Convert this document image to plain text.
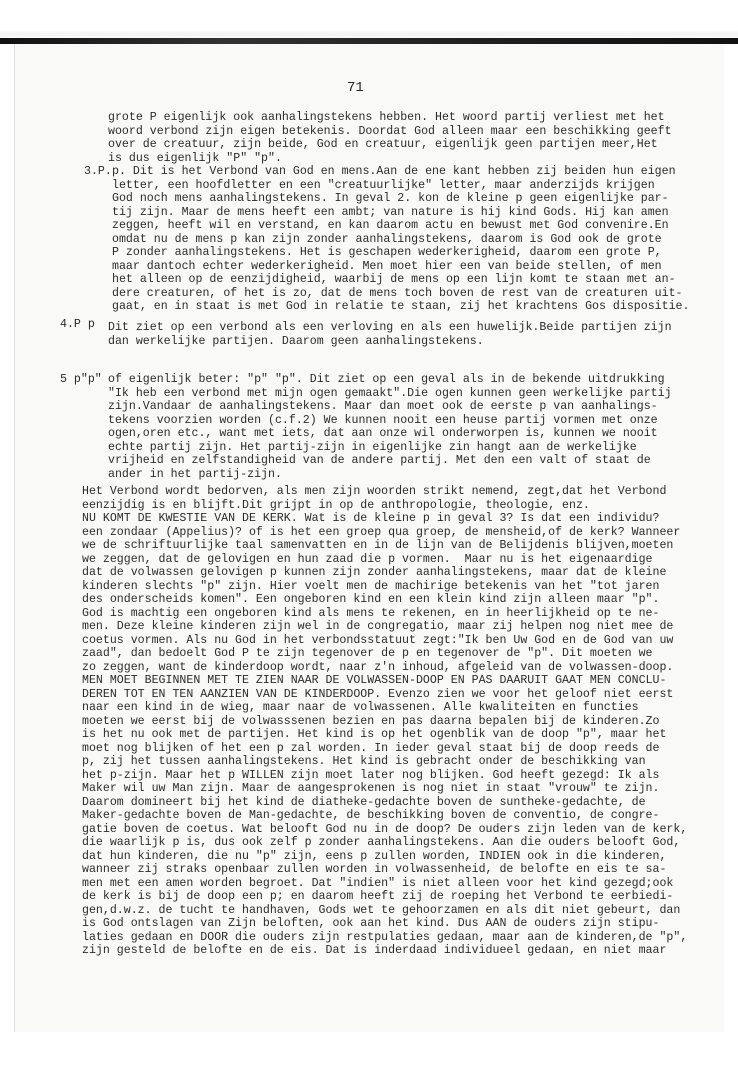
71
grote P eigenlijk ook aanhalingstekens hebben. Het woord partij verliest met het
woord verbond zijn eigen betekenis. Doordat God alleen maar een beschikking geeft
over de creatuur, zijn beide, God en creatuur, eigenlijk geen partijen meer,Het
is dus eigenlijk "P" "p".
3.P. p. Dit is het Verbond van God en mens.Aan de ene kant hebben zij beiden hun eigen
letter, een hoofdletter en een "creatuurlijke" letter, maar anderzijds krijgen
God noch mens aanhalingstekens. In geval 2. kon de kleine p geen eigenlijke par-
tij zijn. Maar de mens heeft een ambt; van nature is hij kind Gods. Hij kan amen
zeggen, heeft wil en verstand, en kan daarom actu en bewust met God convenire.En
omdat nu de mens p kan zijn zonder aanhalingstekens, daarom is God ook de grote
P zonder aanhalingstekens. Het is geschapen wederkerigheid, daarom een grote P,
maar dantoch echter wederkerigheid. Men moet hier een van beide stellen, of men
het alleen op de eenzijdigheid, waarbij de mens op een lijn komt te staan met an-
dere creaturen, of het is zo, dat de mens toch boven de rest van de creaturen uit-
gaat, en in staat is met God in relatie te staan, zij het krachtens Gos dispositie.
4.P p Dit ziet op een verbond als een verloving en als een huwelijk.Beide partijen zijn
dan werkelijke partijen. Daarom geen aanhalingstekens.
5 p"p" of eigenlijk beter: "p" "p". Dit ziet op een geval als in de bekende uitdrukking
"Ik heb een verbond met mijn ogen gemaakt".Die ogen kunnen geen werkelijke partij
zijn.Vandaar de aanhalingstekens. Maar dan moet ook de eerste p van aanhalings-
tekens voorzien worden (c.f.2) We kunnen nooit een heuse partij vormen met onze
ogen,oren etc., want met iets, dat aan onze wil onderworpen is, kunnen we nooit
echte partij zijn. Het partij-zijn in eigenlijke zin hangt aan de werkelijke
vrijheid en zelfstandigheid van de andere partij. Met den een valt of staat de
ander in het partij-zijn.
Het Verbond wordt bedorven, als men zijn woorden strikt nemend, zegt,dat het Verbond
eenzijdig is en blijft.Dit grijpt in op de anthropologie, theologie, enz.
NU KOMT DE KWESTIE VAN DE KERK. Wat is de kleine p in geval 3? Is dat een individu?
een zondaar (Appelius)? of is het een groep qua groep, de mensheid,of de kerk? Wanneer
we de schriftuurlijke taal samenvatten en in de lijn van de Belijdenis blijven,moeten
we zeggen, dat de gelovigen en hun zaad die p vormen.  Maar nu is het eigenaardige
dat de volwassen gelovigen p kunnen zijn zonder aanhalingstekens, maar dat de kleine
kinderen slechts "p" zijn. Hier voelt men de machirige betekenis van het "tot jaren
des onderscheids komen". Een ongeboren kind en een klein kind zijn alleen maar "p".
God is machtig een ongeboren kind als mens te rekenen, en in heerlijkheid op te ne-
men. Deze kleine kinderen zijn wel in de congregatio, maar zij helpen nog niet mee de
coetus vormen. Als nu God in het verbondsstatuut zegt:"Ik ben Uw God en de God van uw
zaad", dan bedoelt God P te zijn tegenover de p en tegenover de "p". Dit moeten we
zo zeggen, want de kinderdoop wordt, naar z'n inhoud, afgeleid van de volwassen-doop.
MEN MOET BEGINNEN MET TE ZIEN NAAR DE VOLWASSEN-DOOP EN PAS DAARUIT GAAT MEN CONCLU-
DEREN TOT EN TEN AANZIEN VAN DE KINDERDOOP. Evenzo zien we voor het geloof niet eerst
naar een kind in de wieg, maar naar de volwassenen. Alle kwaliteiten en functies
moeten we eerst bij de volwasssenen bezien en pas daarna bepalen bij de kinderen.Zo
is het nu ook met de partijen. Het kind is op het ogenblik van de doop "p", maar het
moet nog blijken of het een p zal worden. In ieder geval staat bij de doop reeds de
p, zij het tussen aanhalingstekens. Het kind is gebracht onder de beschikking van
het p-zijn. Maar het p WILLEN zijn moet later nog blijken. God heeft gezegd: Ik als
Maker wil uw Man zijn. Maar de aangesprokenen is nog niet in staat "vrouw" te zijn.
Daarom domineert bij het kind de diatheke-gedachte boven de suntheke-gedachte, de
Maker-gedachte boven de Man-gedachte, de beschikking boven de conventio, de congre-
gatie boven de coetus. Wat belooft God nu in de doop? De ouders zijn leden van de kerk,
die waarlijk p is, dus ook zelf p zonder aanhalingstekens. Aan die ouders belooft God,
dat hun kinderen, die nu "p" zijn, eens p zullen worden, INDIEN ook in die kinderen,
wanneer zij straks openbaar zullen worden in volwassenheid, de belofte en eis te sa-
men met een amen worden begroet. Dat "indien" is niet alleen voor het kind gezegd;ook
de kerk is bij de doop een p; en daarom heeft zij de roeping het Verbond te eerbiedi-
gen,d.w.z. de tucht te handhaven, Gods wet te gehoorzamen en als dit niet gebeurt, dan
is God ontslagen van Zijn beloften, ook aan het kind. Dus AAN de ouders zijn stipu-
laties gedaan en DOOR die ouders zijn restpulaties gedaan, maar aan de kinderen,de "p",
zijn gesteld de belofte en de eis. Dat is inderdaad individueel gedaan, en niet maar
